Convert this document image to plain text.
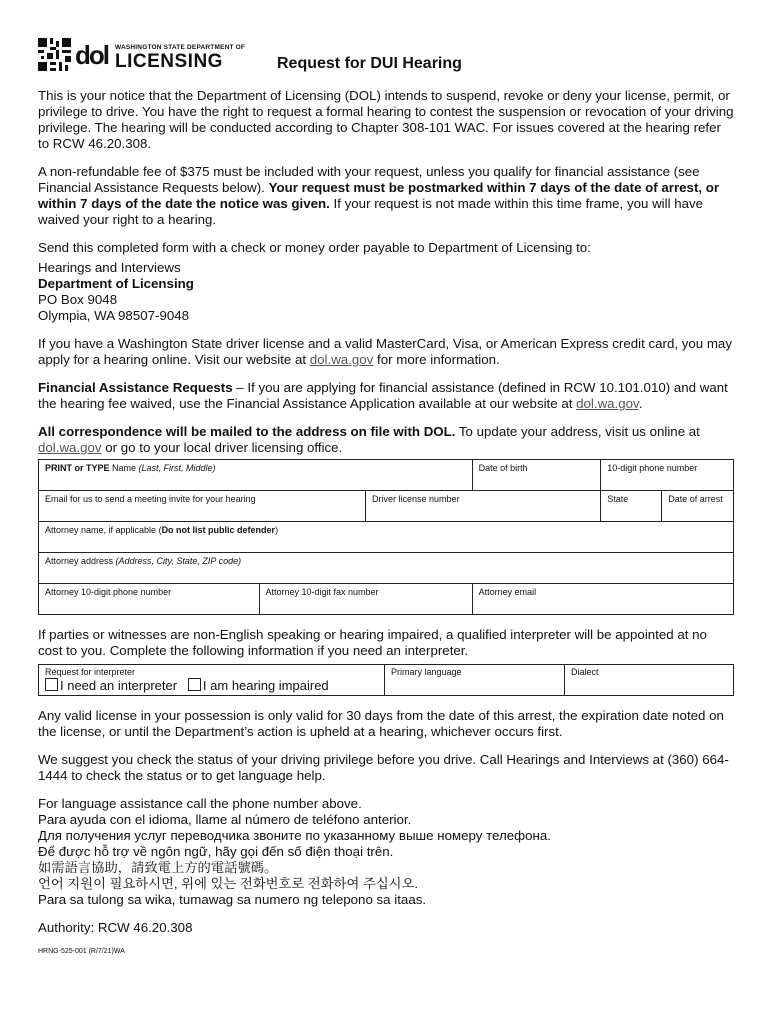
dol WASHINGTON STATE DEPARTMENT OF
LICENSING	Request for DUI Hearing

This is your notice that the Department of Licensing (DOL) intends to suspend, revoke or deny your license, permit, or privilege to drive. You have the right to request a formal hearing to contest the suspension or revocation of your driving privilege. The hearing will be conducted according to Chapter 308-101 WAC. For issues covered at the hearing refer to RCW 46.20.308.

A non-refundable fee of $375 must be included with your request, unless you qualify for financial assistance (see Financial Assistance Requests below). Your request must be postmarked within 7 days of the date of arrest, or within 7 days of the date the notice was given. If your request is not made within this time frame, you will have waived your right to a hearing.

Send this completed form with a check or money order payable to Department of Licensing to:

Hearings and Interviews

Department of Licensing

PO Box 9048

Olympia, WA 98507-9048

If you have a Washington State driver license and a valid MasterCard, Visa, or American Express credit card, you may apply for a hearing online. Visit our website at dol.wa.gov for more information.

Financial Assistance Requests – If you are applying for financial assistance (defined in RCW 10.101.010) and want the hearing fee waived, use the Financial Assistance Application available at our website at dol.wa.gov.

All correspondence will be mailed to the address on file with DOL. To update your address, visit us online at dol.wa.gov or go to your local driver licensing office.

PRINT or TYPE Name (Last, First, Middle)			Date of birth	10-digit phone number	
Email for us to send a meeting invite for your hearing		Driver license number		State	Date of arrest
Attorney name, if applicable (Do not list public defender)					
Attorney address (Address, City, State, ZIP code)					
Attorney 10-digit phone number	Attorney 10-digit fax number		Attorney email		

If parties or witnesses are non-English speaking or hearing impaired, a qualified interpreter will be appointed at no cost to you. Complete the following information if you need an interpreter.

Request for interpreter
I need an interpreter I am hearing impaired
	Primary language	Dialect

Any valid license in your possession is only valid for 30 days from the date of this arrest, the expiration date noted on the license, or until the Department’s action is upheld at a hearing, whichever occurs first.

We suggest you check the status of your driving privilege before you drive. Call Hearings and Interviews at (360) 664-1444 to check the status or to get language help.

For language assistance call the phone number above.

Para ayuda con el idioma, llame al número de teléfono anterior.

Для получения услуг переводчика звоните по указанному выше номеру телефона.

Để được hỗ trợ về ngôn ngữ, hãy gọi đến số điện thoại trên.

如需語言協助，請致電上方的電話號碼。

언어 지원이 필요하시면, 위에 있는 전화번호로 전화하여 주십시오.

Para sa tulong sa wika, tumawag sa numero ng telepono sa itaas.

Authority: RCW 46.20.308

HRNG-525-001 (R/7/21)WA
